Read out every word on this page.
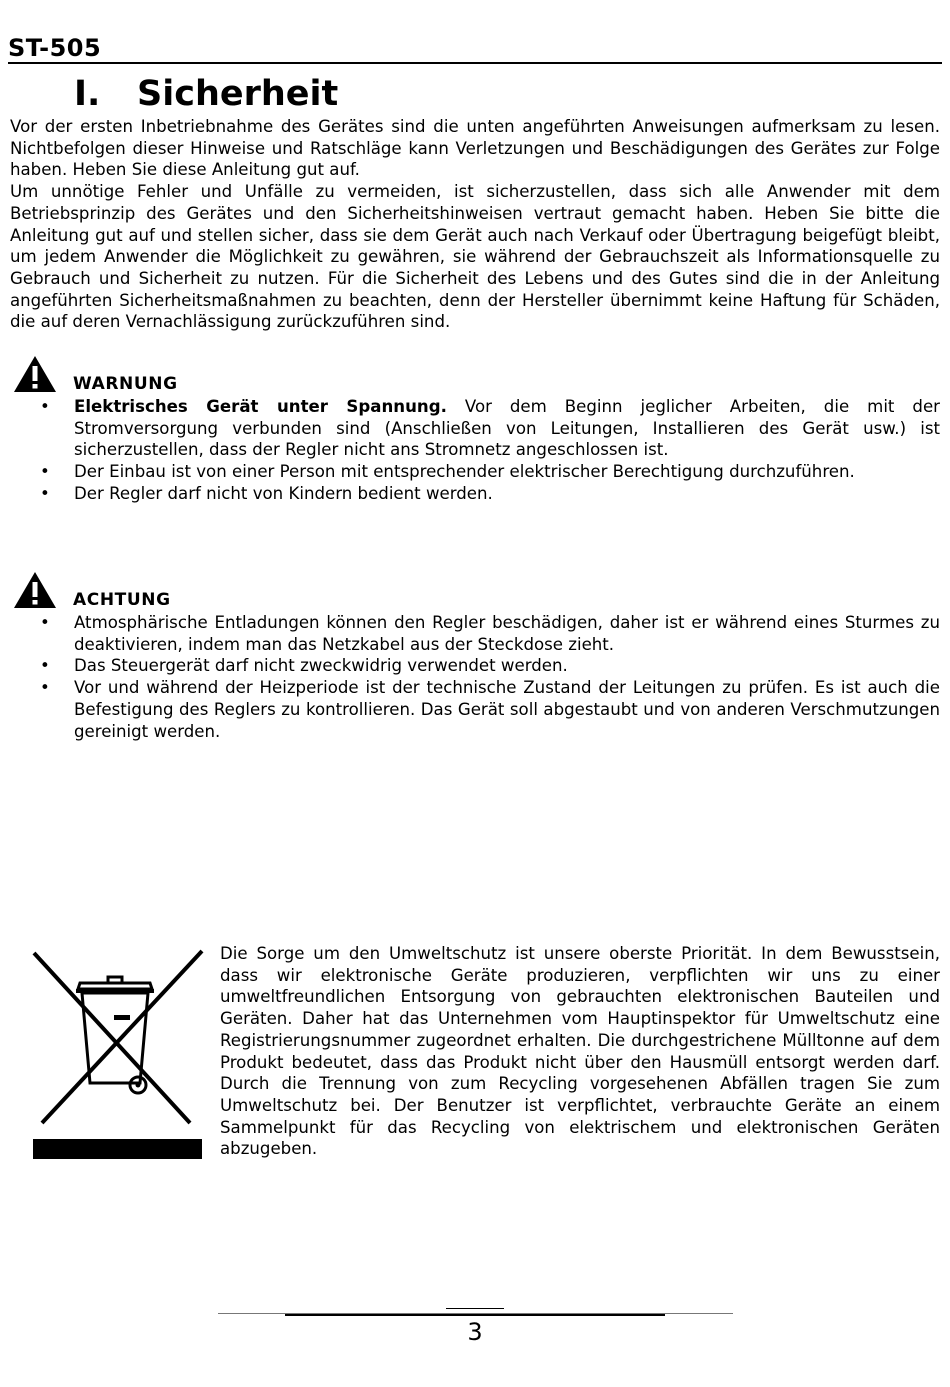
ST-505
I. Sicherheit

Vor der ersten Inbetriebnahme des Gerätes sind die unten angeführten Anweisungen aufmerksam zu lesen. Nichtbefolgen dieser Hinweise und Ratschläge kann Verletzungen und Beschädigungen des Gerätes zur Folge haben. Heben Sie diese Anleitung gut auf.

Um unnötige Fehler und Unfälle zu vermeiden, ist sicherzustellen, dass sich alle Anwender mit dem Betriebsprinzip des Gerätes und den Sicherheitshinweisen vertraut gemacht haben. Heben Sie bitte die Anleitung gut auf und stellen sicher, dass sie dem Gerät auch nach Verkauf oder Übertragung beigefügt bleibt, um jedem Anwender die Möglichkeit zu gewähren, sie während der Gebrauchszeit als Informationsquelle zu Gebrauch und Sicherheit zu nutzen. Für die Sicherheit des Lebens und des Gutes sind die in der Anleitung angeführten Sicherheitsmaßnahmen zu beachten, denn der Hersteller übernimmt keine Haftung für Schäden, die auf deren Vernachlässigung zurückzuführen sind.

WARNUNG
• Elektrisches Gerät unter Spannung. Vor dem Beginn jeglicher Arbeiten, die mit der Stromversorgung verbunden sind (Anschließen von Leitungen, Installieren des Gerät usw.) ist sicherzustellen, dass der Regler nicht ans Stromnetz angeschlossen ist.
• Der Einbau ist von einer Person mit entsprechender elektrischer Berechtigung durchzuführen.
• Der Regler darf nicht von Kindern bedient werden.
ACHTUNG
• Atmosphärische Entladungen können den Regler beschädigen, daher ist er während eines Sturmes zu deaktivieren, indem man das Netzkabel aus der Steckdose zieht.
• Das Steuergerät darf nicht zweckwidrig verwendet werden.
• Vor und während der Heizperiode ist der technische Zustand der Leitungen zu prüfen. Es ist auch die Befestigung des Reglers zu kontrollieren. Das Gerät soll abgestaubt und von anderen Verschmutzungen gereinigt werden.
Die Sorge um den Umweltschutz ist unsere oberste Priorität. In dem Bewusstsein, dass wir elektronische Geräte produzieren, verpflichten wir uns zu einer umweltfreundlichen Entsorgung von gebrauchten elektronischen Bauteilen und Geräten. Daher hat das Unternehmen vom Hauptinspektor für Umweltschutz eine Registrierungsnummer zugeordnet erhalten. Die durchgestrichene Mülltonne auf dem Produkt bedeutet, dass das Produkt nicht über den Hausmüll entsorgt werden darf. Durch die Trennung von zum Recycling vorgesehenen Abfällen tragen Sie zum Umweltschutz bei. Der Benutzer ist verpflichtet, verbrauchte Geräte an einem Sammelpunkt für das Recycling von elektrischem und elektronischen Geräten abzugeben.
3
